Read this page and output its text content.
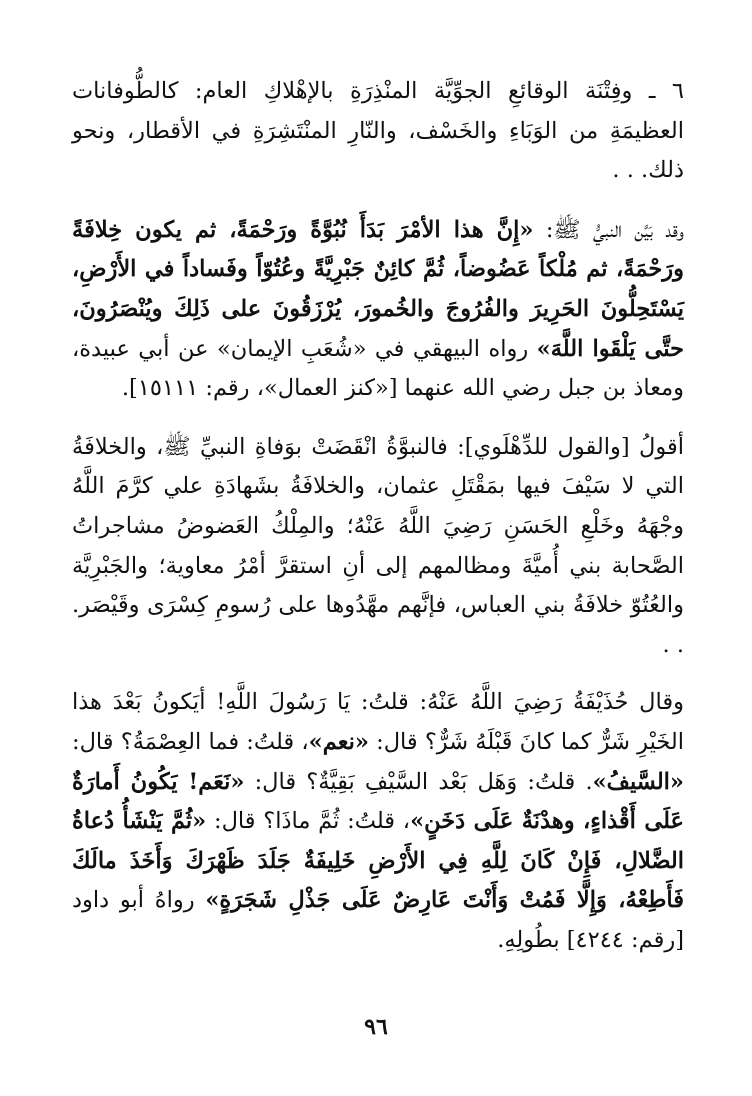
٦ ـ وفِتْنَة الوقائعِ الجوِّيَّة المنْذِرَةِ بالإهْلاكِ العام: كالطُّوفانات العظيمَةِ من الوَبَاءِ والخَسْف، والنّارِ المنْتَشِرَةِ في الأقطار، ونحو ذلك. . .

وقد بَيَّن النبيُّ ﷺ: «إِنَّ هذا الأمْرَ بَدَأَ نُبُوَّةً ورَحْمَةً، ثم يكون خِلافَةً ورَحْمَةً، ثم مُلْكاً عَضُوضاً، ثُمَّ كائِنٌ جَبْرِيَّةً وعُتُوّاً وفَساداً في الأَرْضِ، يَسْتَحِلُّونَ الحَرِيرَ والفُرُوجَ والخُمورَ، يُرْزَقُونَ على ذَلِكَ ويُنْصَرُونَ، حتَّى يَلْقَوا اللَّهَ» رواه البيهقي في «شُعَبِ الإيمان» عن أبي عبيدة، ومعاذ بن جبل رضي الله عنهما [«كنز العمال»، رقم: ١٥١١١].

أقولُ [والقول للدِّهْلَوي]: فالنبوَّةُ انْقَضَتْ بوَفاةِ النبيِّ ﷺ، والخلافَةُ التي لا سَيْفَ فيها بمَقْتَلِ عثمان، والخلافَةُ بشَهادَةِ علي كرَّمَ اللَّهُ وجْهَهُ وخَلْعِ الحَسَنِ رَضِيَ اللَّهُ عَنْهُ؛ والمِلْكُ العَضوضُ مشاجراتُ الصَّحابة بني أُميَّةَ ومظالمهم إلى أنِ استقرَّ أمْرُ معاوية؛ والجَبْرِيَّة والعُتُوّ خلافَةُ بني العباس، فإنَّهم مهَّدُوها على رُسومِ كِسْرَى وقَيْصَر. . .

وقال حُذَيْفَةُ رَضِيَ اللَّهُ عَنْهُ: قلتُ: يَا رَسُولَ اللَّهِ! أيَكونُ بَعْدَ هذا الخَيْرِ شَرٌّ كما كانَ قَبْلَهُ شَرٌّ؟ قال: «نعم»، قلتُ: فما العِصْمَةُ؟ قال: «السَّيفُ». قلتُ: وَهَل بَعْد السَّيْفِ بَقِيَّةٌ؟ قال: «نَعَم! يَكُونُ أَمارَةٌ عَلَى أَقْذاءٍ، وهدْنَةٌ عَلَى دَخَنٍ»، قلتُ: ثُمَّ ماذَا؟ قال: «ثُمَّ يَنْشَأُ دُعاةُ الضَّلالِ، فَإِنْ كَانَ لِلَّهِ فِي الأَرْضِ خَلِيفَةٌ جَلَدَ ظَهْرَكَ وَأَخَذَ مالَكَ فَأَطِعْهُ، وَإِلَّا فَمُتْ وَأَنْتَ عَارِضٌ عَلَى جَذْلِ شَجَرَةٍ» رواهُ أبو داود [رقم: ٤٢٤٤] بطُولِهِ.

٩٦
